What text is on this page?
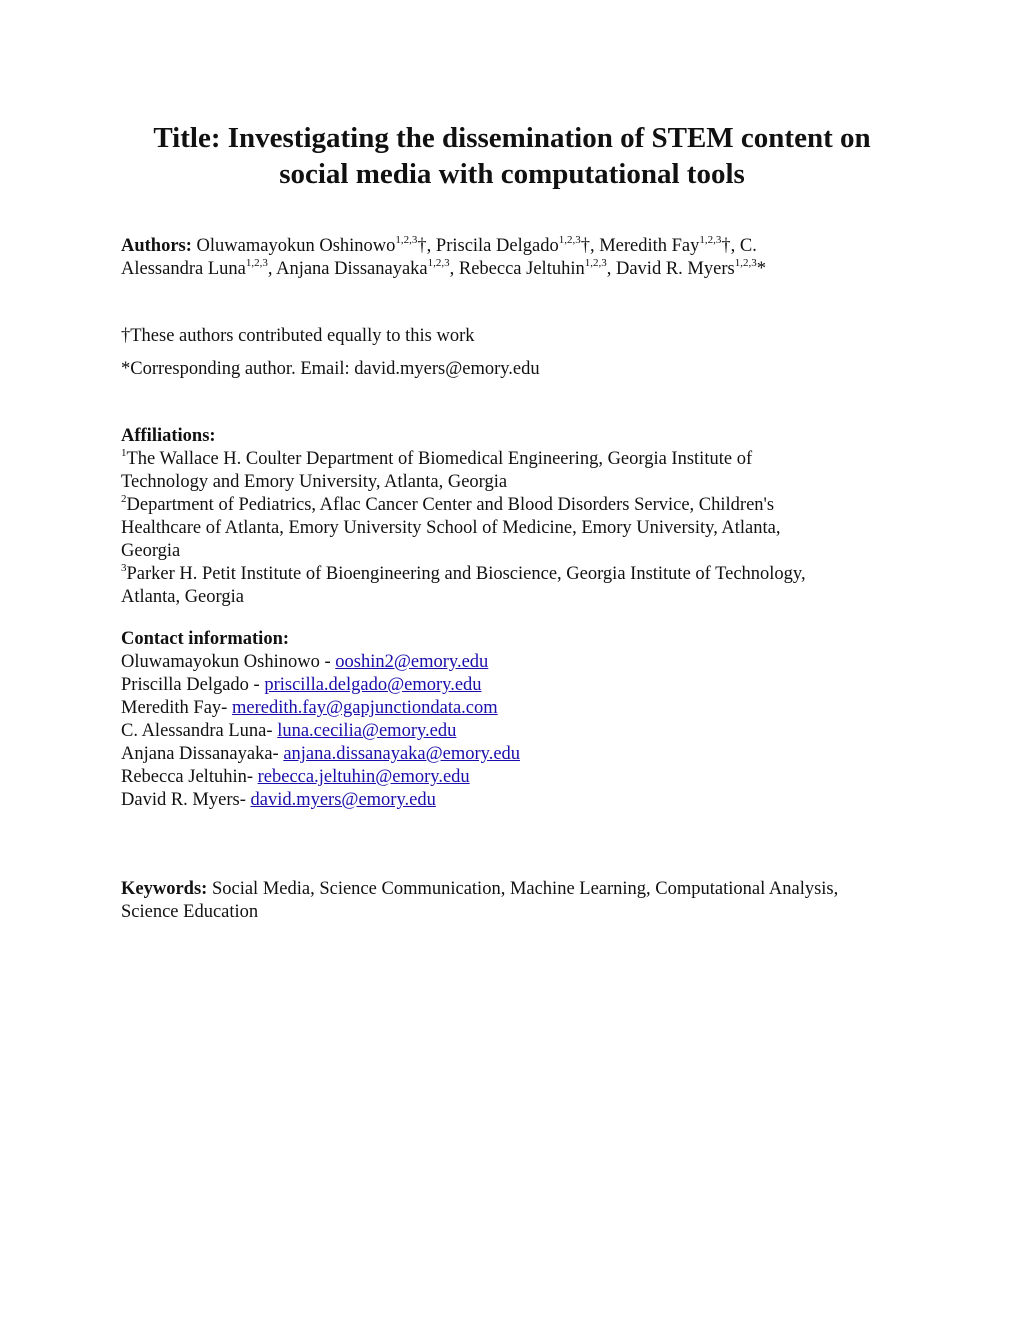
Title: Investigating the dissemination of STEM content on
social media with computational tools
Authors: Oluwamayokun Oshinowo$^{1,2,3}$†, Priscila Delgado$^{1,2,3}$†, Meredith Fay$^{1,2,3}$†, C.
Alessandra Luna$^{1,2,3}$, Anjana Dissanayaka$^{1,2,3}$, Rebecca Jeltuhin$^{1,2,3}$, David R. Myers$^{1,2,3}$*
†These authors contributed equally to this work
*Corresponding author. Email: david.myers@emory.edu
Affiliations:
$^1$The Wallace H. Coulter Department of Biomedical Engineering, Georgia Institute of
Technology and Emory University, Atlanta, Georgia
$^2$Department of Pediatrics, Aflac Cancer Center and Blood Disorders Service, Children's
Healthcare of Atlanta, Emory University School of Medicine, Emory University, Atlanta,
Georgia
$^3$Parker H. Petit Institute of Bioengineering and Bioscience, Georgia Institute of Technology,
Atlanta, Georgia
Contact information:
Oluwamayokun Oshinowo - ooshin2@emory.edu
Priscilla Delgado - priscilla.delgado@emory.edu
Meredith Fay- meredith.fay@gapjunctiondata.com
C. Alessandra Luna- luna.cecilia@emory.edu
Anjana Dissanayaka- anjana.dissanayaka@emory.edu
Rebecca Jeltuhin- rebecca.jeltuhin@emory.edu
David R. Myers- david.myers@emory.edu
Keywords: Social Media, Science Communication, Machine Learning, Computational Analysis,
Science Education
